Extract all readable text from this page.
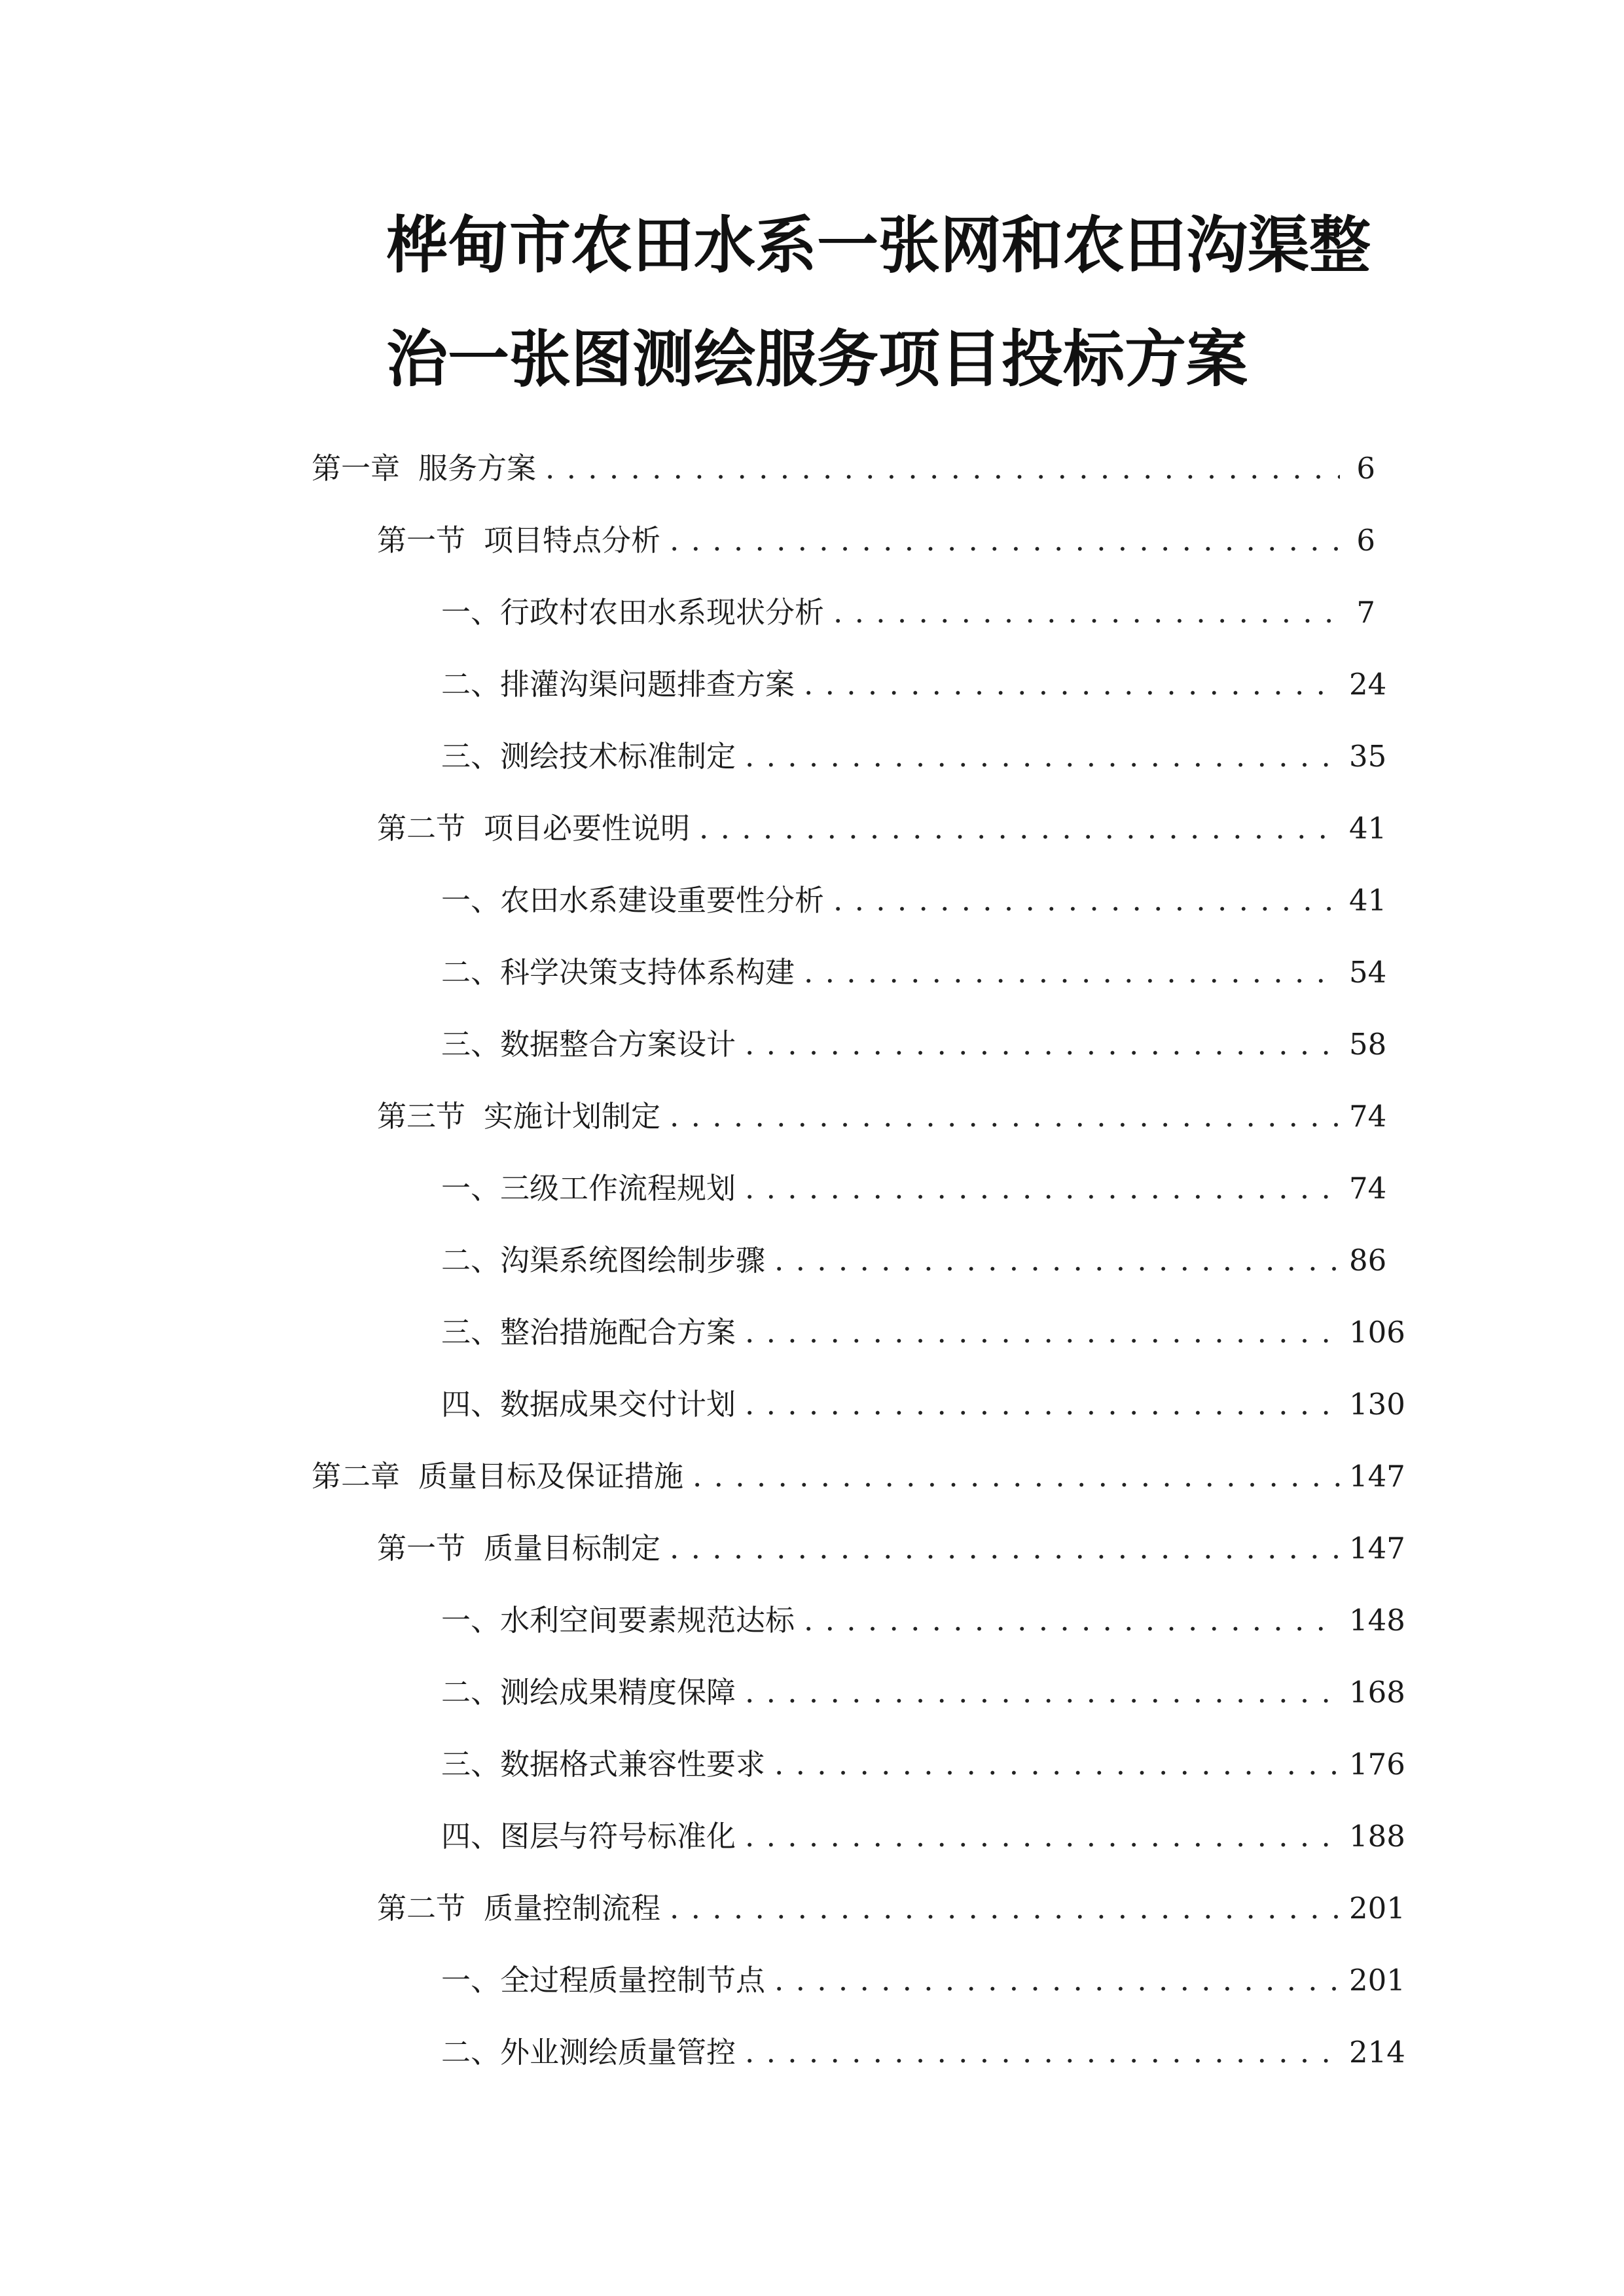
桦甸市农田水系一张网和农田沟渠整
治一张图测绘服务项目投标方案
第一章 服务方案 . . .	6
第一节 项目特点分析 . . .	6
一、 行政村农田水系现状分析 . . .	7
二、 排灌沟渠问题排查方案 . . .	24
三、 测绘技术标准制定 . . .	35
第二节 项目必要性说明 . . .	41
一、 农田水系建设重要性分析 . . .	41
二、 科学决策支持体系构建 . . .	54
三、 数据整合方案设计 . . .	58
第三节 实施计划制定 . . .	74
一、 三级工作流程规划 . . .	74
二、 沟渠系统图绘制步骤 . . .	86
三、 整治措施配合方案 . . .	106
四、 数据成果交付计划 . . .	130
第二章 质量目标及保证措施 . . .	147
第一节 质量目标制定 . . .	147
一、 水利空间要素规范达标 . . .	148
二、 测绘成果精度保障 . . .	168
三、 数据格式兼容性要求 . . .	176
四、 图层与符号标准化 . . .	188
第二节 质量控制流程 . . .	201
一、 全过程质量控制节点 . . .	201
二、 外业测绘质量管控 . . .	214
